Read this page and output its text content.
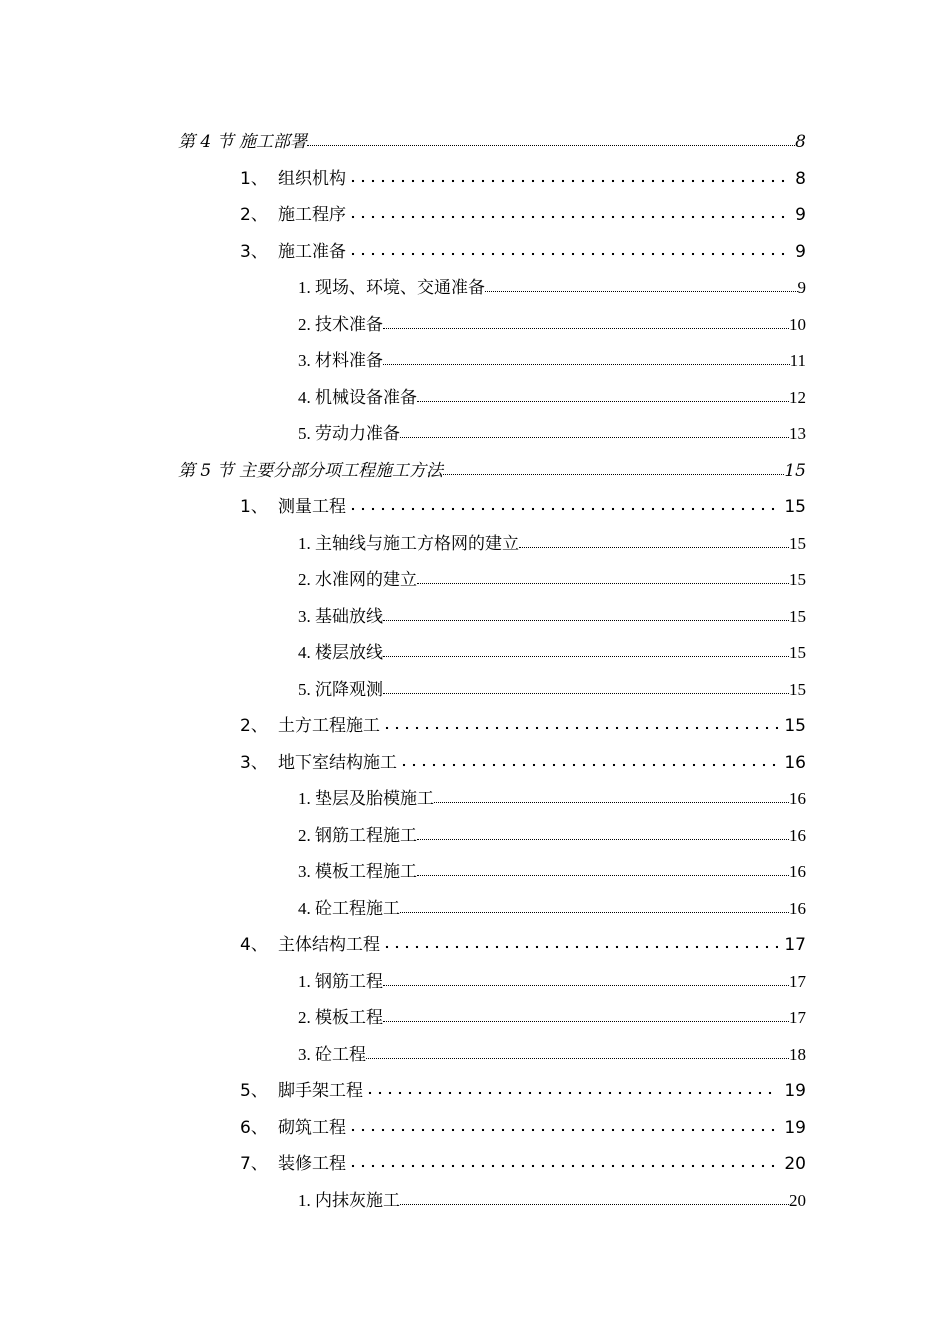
第 4 节 施工部署	8
1、 组织机构	8
2、 施工程序	9
3、 施工准备	9
1. 现场、环境、交通准备	9
2. 技术准备	10
3. 材料准备	11
4. 机械设备准备	12
5. 劳动力准备	13
第 5 节 主要分部分项工程施工方法	15
1、 测量工程	15
1. 主轴线与施工方格网的建立	15
2. 水准网的建立	15
3. 基础放线	15
4. 楼层放线	15
5. 沉降观测	15
2、 土方工程施工	15
3、 地下室结构施工	16
1. 垫层及胎模施工	16
2. 钢筋工程施工	16
3. 模板工程施工	16
4. 砼工程施工	16
4、 主体结构工程	17
1. 钢筋工程	17
2. 模板工程	17
3. 砼工程	18
5、 脚手架工程	19
6、 砌筑工程	19
7、 装修工程	20
1. 内抹灰施工	20
